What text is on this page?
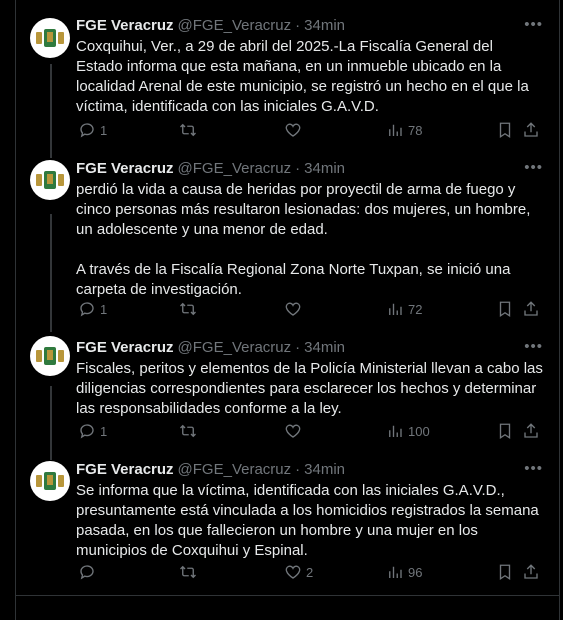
FGE Veracruz @FGE_Veracruz · 34min	•••
Coxquihui, Ver., a 29 de abril del 2025.-La Fiscalía General del Estado informa que esta mañana, en un inmueble ubicado en la localidad Arenal de este municipio, se registró un hecho en el que la víctima, identificada con las iniciales G.A.V.D.
1	78
FGE Veracruz @FGE_Veracruz · 34min	•••
perdió la vida a causa de heridas por proyectil de arma de fuego y cinco personas más resultaron lesionadas: dos mujeres, un hombre, un adolescente y una menor de edad.

A través de la Fiscalía Regional Zona Norte Tuxpan, se inició una carpeta de investigación.
1	72
FGE Veracruz @FGE_Veracruz · 34min	•••
Fiscales, peritos y elementos de la Policía Ministerial llevan a cabo las diligencias correspondientes para esclarecer los hechos y determinar las responsabilidades conforme a la ley.
1	100
FGE Veracruz @FGE_Veracruz · 34min	•••
Se informa que la víctima, identificada con las iniciales G.A.V.D., presuntamente está vinculada a los homicidios registrados la semana pasada, en los que fallecieron un hombre y una mujer en los municipios de Coxquihui y Espinal.
2	96
